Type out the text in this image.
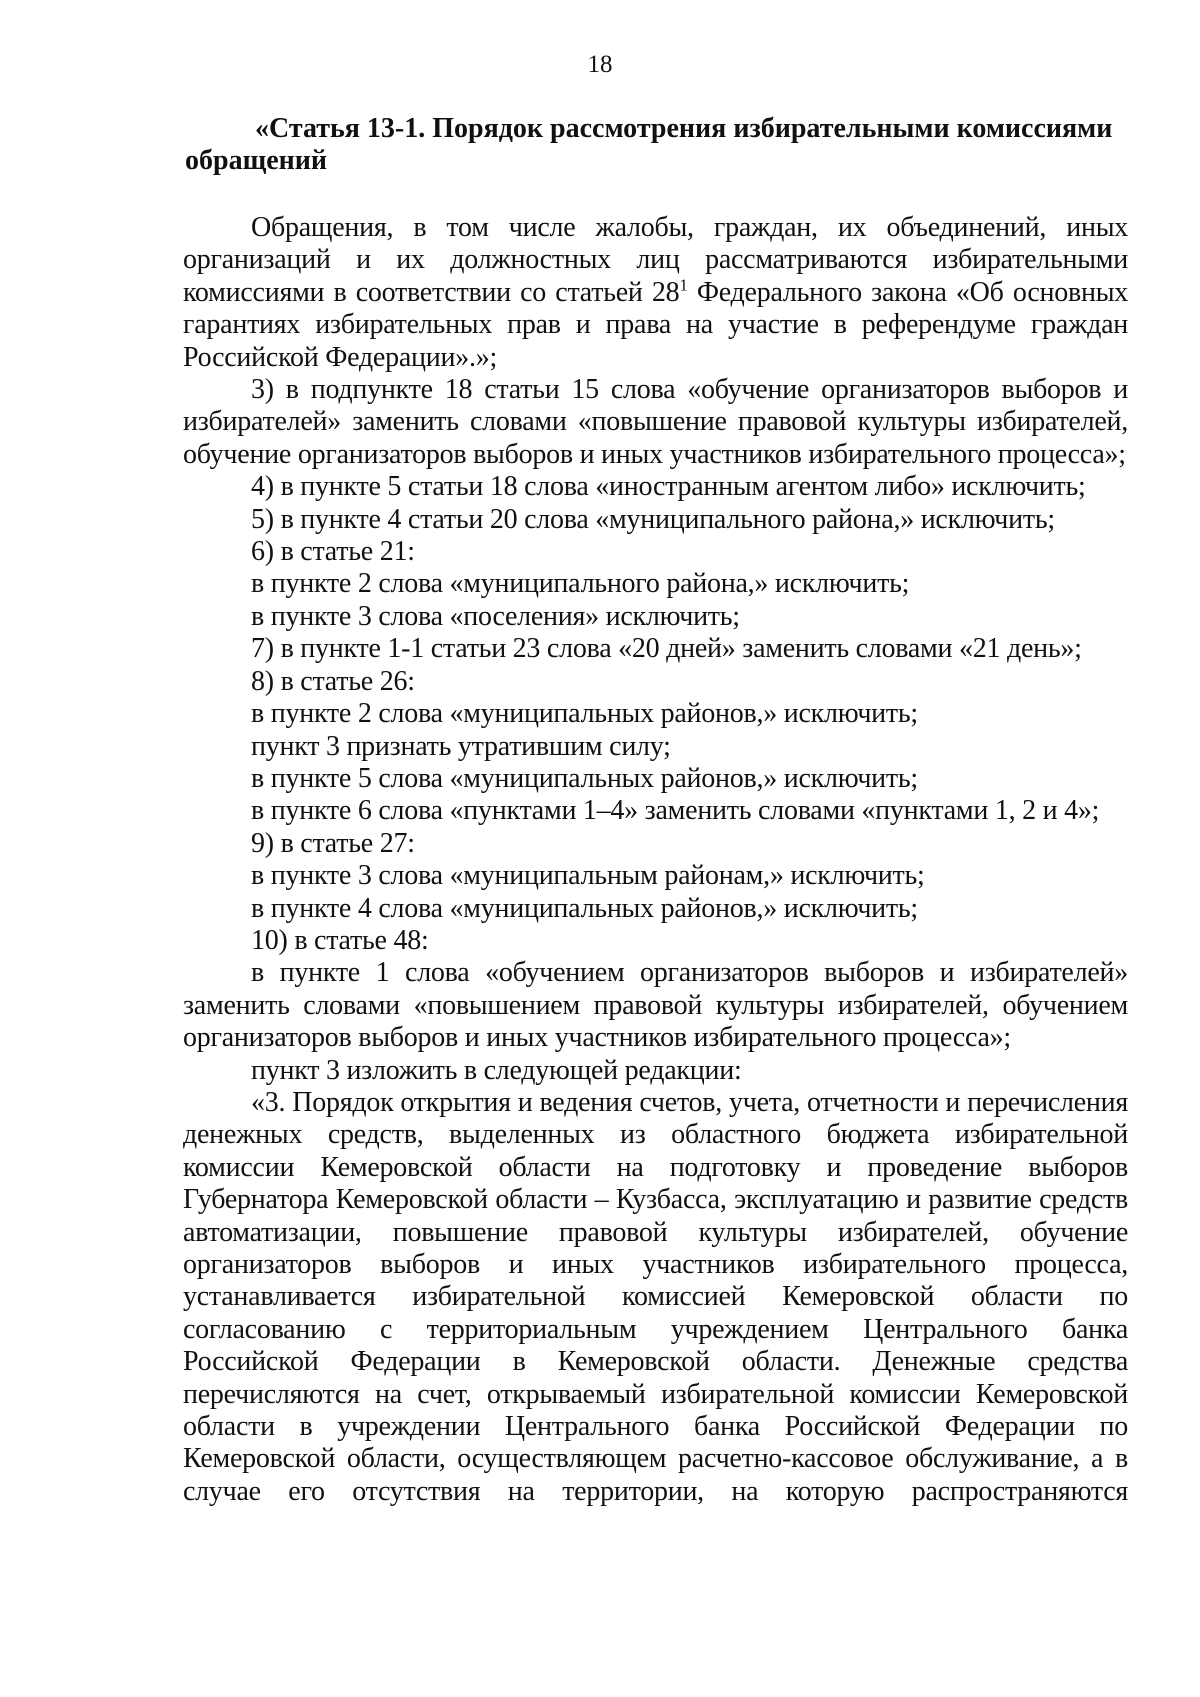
18
«Статья 13-1. Порядок рассмотрения избирательными комиссиями обращений

Обращения, в том числе жалобы, граждан, их объединений, иных организаций и их должностных лиц рассматриваются избирательными комиссиями в соответствии со статьей $28^1$ Федерального закона «Об основных гарантиях избирательных прав и права на участие в референдуме граждан Российской Федерации».»;

3) в подпункте 18 статьи 15 слова «обучение организаторов выборов и избирателей» заменить словами «повышение правовой культуры избирателей, обучение организаторов выборов и иных участников избирательного процесса»;

4) в пункте 5 статьи 18 слова «иностранным агентом либо» исключить;

5) в пункте 4 статьи 20 слова «муниципального района,» исключить;

6) в статье 21:

в пункте 2 слова «муниципального района,» исключить;

в пункте 3 слова «поселения» исключить;

7) в пункте 1-1 статьи 23 слова «20 дней» заменить словами «21 день»;

8) в статье 26:

в пункте 2 слова «муниципальных районов,» исключить;

пункт 3 признать утратившим силу;

в пункте 5 слова «муниципальных районов,» исключить;

в пункте 6 слова «пунктами 1–4» заменить словами «пунктами 1, 2 и 4»;

9) в статье 27:

в пункте 3 слова «муниципальным районам,» исключить;

в пункте 4 слова «муниципальных районов,» исключить;

10) в статье 48:

в пункте 1 слова «обучением организаторов выборов и избирателей» заменить словами «повышением правовой культуры избирателей, обучением организаторов выборов и иных участников избирательного процесса»;

пункт 3 изложить в следующей редакции:

«3. Порядок открытия и ведения счетов, учета, отчетности и перечисления денежных средств, выделенных из областного бюджета избирательной комиссии Кемеровской области на подготовку и проведение выборов Губернатора Кемеровской области – Кузбасса, эксплуатацию и развитие средств автоматизации, повышение правовой культуры избирателей, обучение организаторов выборов и иных участников избирательного процесса, устанавливается избирательной комиссией Кемеровской области по согласованию с территориальным учреждением Центрального банка Российской Федерации в Кемеровской области. Денежные средства перечисляются на счет, открываемый избирательной комиссии Кемеровской области в учреждении Центрального банка Российской Федерации по Кемеровской области, осуществляющем расчетно-кассовое обслуживание, а в случае его отсутствия на территории, на которую распространяются
